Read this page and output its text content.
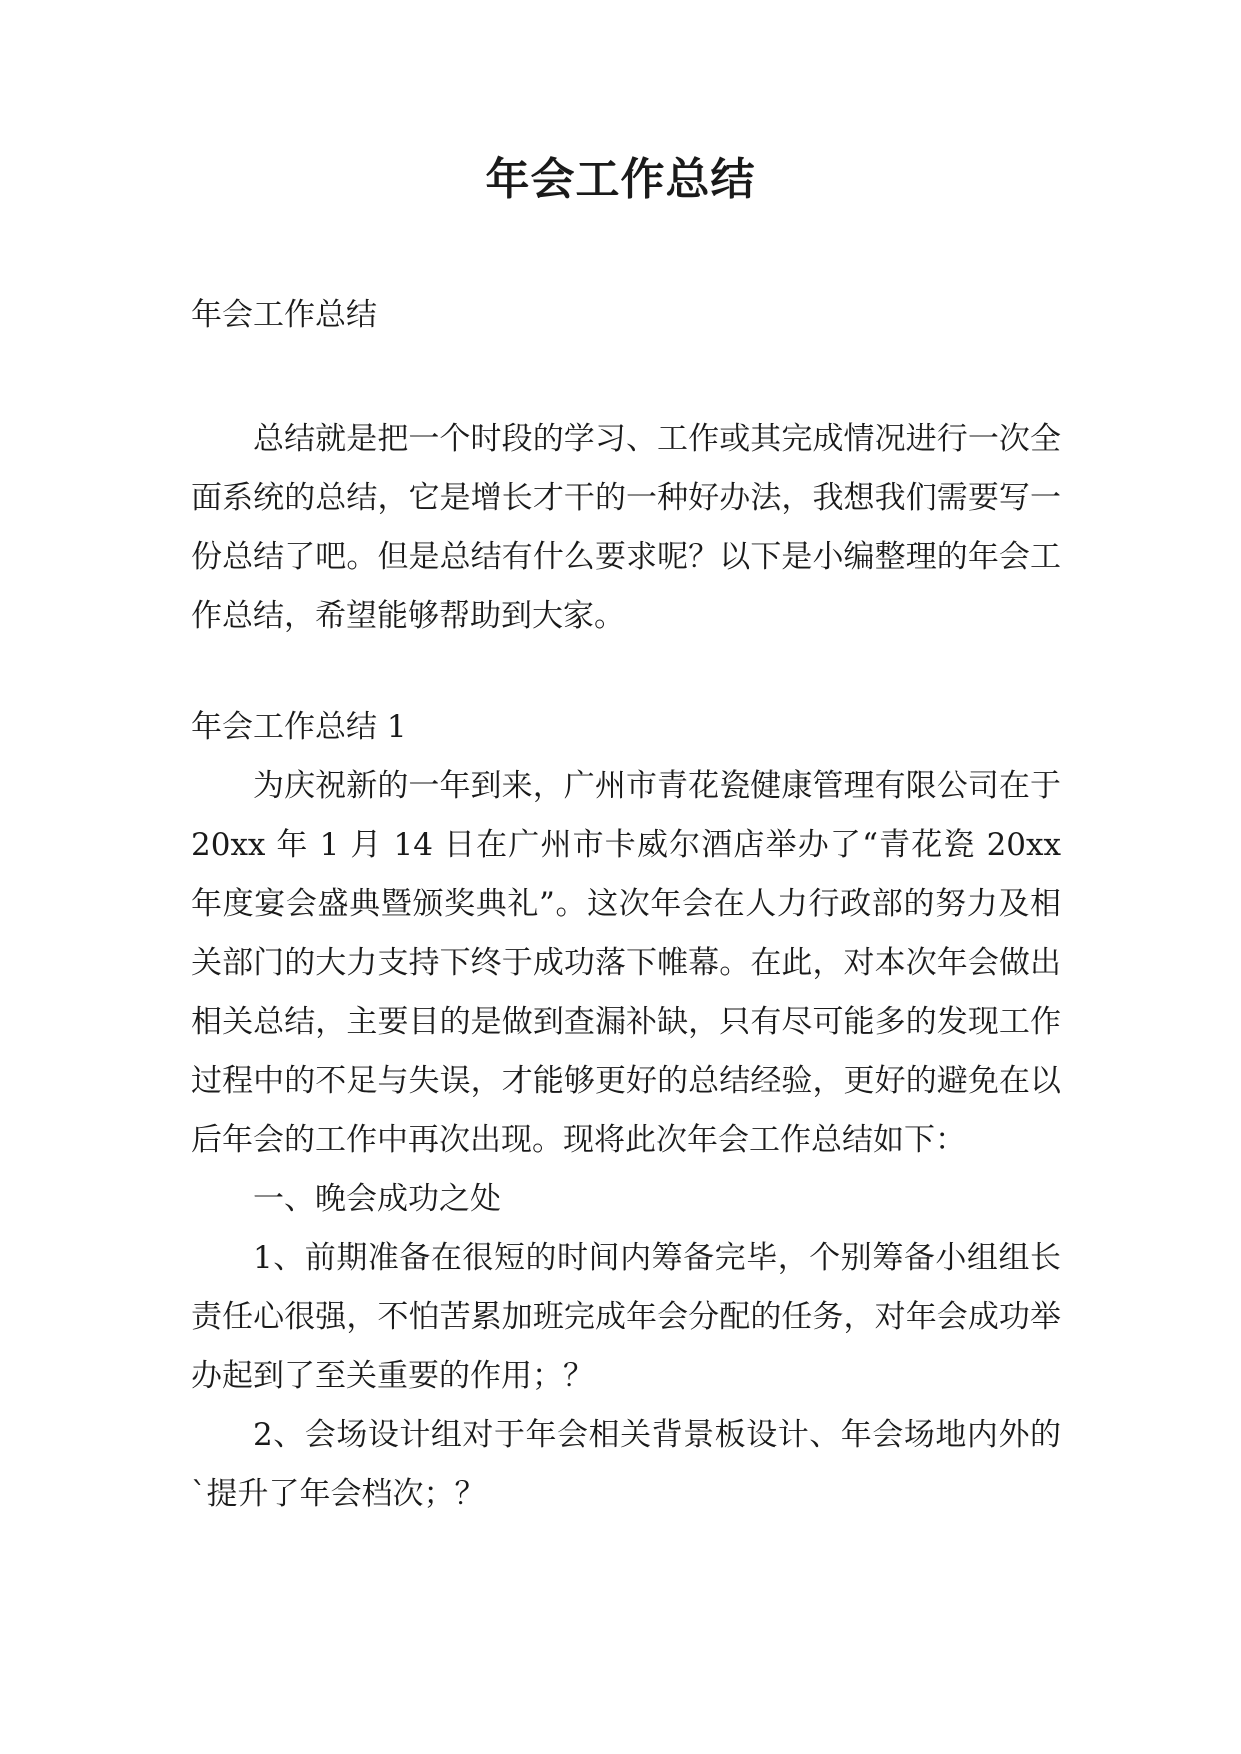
年会工作总结

年会工作总结

总结就是把一个时段的学习、工作或其完成情况进行一次全面系统的总结，它是增长才干的一种好办法，我想我们需要写一份总结了吧。但是总结有什么要求呢？以下是小编整理的年会工作总结，希望能够帮助到大家。

年会工作总结 1

为庆祝新的一年到来，广州市青花瓷健康管理有限公司在于 20xx 年 1 月 14 日在广州市卡威尔酒店举办了“青花瓷 20xx 年度宴会盛典暨颁奖典礼”。这次年会在人力行政部的努力及相关部门的大力支持下终于成功落下帷幕。在此，对本次年会做出相关总结，主要目的是做到查漏补缺，只有尽可能多的发现工作过程中的不足与失误，才能够更好的总结经验，更好的避免在以后年会的工作中再次出现。现将此次年会工作总结如下：

一、晚会成功之处

1、前期准备在很短的时间内筹备完毕，个别筹备小组组长责任心很强，不怕苦累加班完成年会分配的任务，对年会成功举办起到了至关重要的作用；？

2、会场设计组对于年会相关背景板设计、年会场地内外的`提升了年会档次；？
